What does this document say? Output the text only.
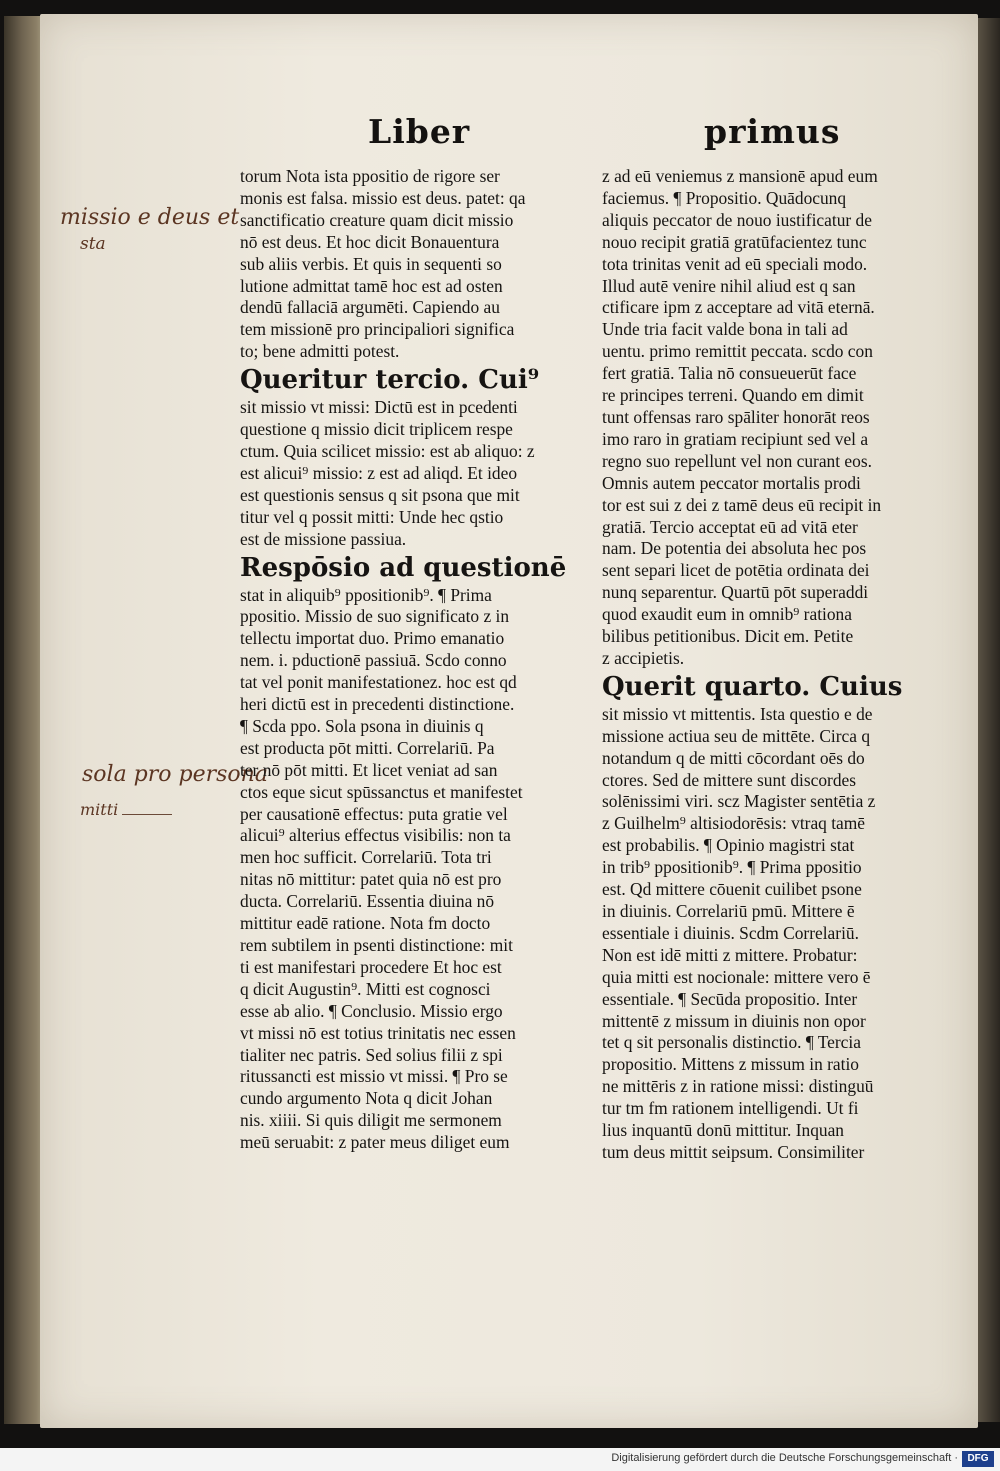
Liber	primus
missio e deus et
sta
sola pro persona
mitti
torum Nota ista ppositio de rigore ser
monis est falsa. missio est deus. patet: qa
sanctificatio creature quam dicit missio
nō est deus. Et hoc dicit Bonauentura
sub aliis verbis. Et quis in sequenti so
lutione admittat tamē hoc est ad osten
dendū fallaciā argumēti. Capiendo au
tem missionē pro principaliori significa
to; bene admitti potest.
Queritur tercio. Cui⁹
sit missio vt missi: Dictū est in pcedenti
questione q missio dicit triplicem respe
ctum. Quia scilicet missio: est ab aliquo: z
est alicui⁹ missio: z est ad aliqd. Et ideo
est questionis sensus q sit psona que mit
titur vel q possit mitti: Unde hec qstio
est de missione passiua.
Respōsio ad questionē
stat in aliquib⁹ ppositionib⁹. ¶ Prima
ppositio. Missio de suo significato z in
tellectu importat duo. Primo emanatio
nem. i. pductionē passiuā. Scdo conno
tat vel ponit manifestationez. hoc est qd
heri dictū est in precedenti distinctione.
¶ Scda ppo. Sola psona in diuinis q
est producta pōt mitti. Correlariū. Pa
ter nō pōt mitti. Et licet veniat ad san
ctos eque sicut spūssanctus et manifestet
per causationē effectus: puta gratie vel
alicui⁹ alterius effectus visibilis: non ta
men hoc sufficit. Correlariū. Tota tri
nitas nō mittitur: patet quia nō est pro
ducta. Correlariū. Essentia diuina nō
mittitur eadē ratione. Nota fm docto
rem subtilem in psenti distinctione: mit
ti est manifestari procedere Et hoc est
q dicit Augustin⁹. Mitti est cognosci
esse ab alio. ¶ Conclusio. Missio ergo
vt missi nō est totius trinitatis nec essen
tialiter nec patris. Sed solius filii z spi
ritussancti est missio vt missi. ¶ Pro se
cundo argumento Nota q dicit Johan
nis. xiiii. Si quis diligit me sermonem
meū seruabit: z pater meus diliget eum
z ad eū veniemus z mansionē apud eum
faciemus. ¶ Propositio. Quādocunq
aliquis peccator de nouo iustificatur de
nouo recipit gratiā gratūfacientez tunc
tota trinitas venit ad eū speciali modo.
Illud autē venire nihil aliud est q san
ctificare ipm z acceptare ad vitā eternā.
Unde tria facit valde bona in tali ad
uentu. primo remittit peccata. scdo con
fert gratiā. Talia nō consueuerūt face
re principes terreni. Quando em dimit
tunt offensas raro spāliter honorāt reos
imo raro in gratiam recipiunt sed vel a
regno suo repellunt vel non curant eos.
Omnis autem peccator mortalis prodi
tor est sui z dei z tamē deus eū recipit in
gratiā. Tercio acceptat eū ad vitā eter
nam. De potentia dei absoluta hec pos
sent separi licet de potētia ordinata dei
nunq separentur. Quartū pōt superaddi
quod exaudit eum in omnib⁹ rationa
bilibus petitionibus. Dicit em. Petite
z accipietis.
Querit quarto. Cuius
sit missio vt mittentis. Ista questio e de
missione actiua seu de mittēte. Circa q
notandum q de mitti cōcordant oēs do
ctores. Sed de mittere sunt discordes
solēnissimi viri. scz Magister sentētia z
z Guilhelm⁹ altisiodorēsis: vtraq tamē
est probabilis. ¶ Opinio magistri stat
in trib⁹ ppositionib⁹. ¶ Prima ppositio
est. Qd mittere cōuenit cuilibet psone
in diuinis. Correlariū pmū. Mittere ē
essentiale i diuinis. Scdm Correlariū.
Non est idē mitti z mittere. Probatur:
quia mitti est nocionale: mittere vero ē
essentiale. ¶ Secūda propositio. Inter
mittentē z missum in diuinis non opor
tet q sit personalis distinctio. ¶ Tercia
propositio. Mittens z missum in ratio
ne mittēris z in ratione missi: distinguū
tur tm fm rationem intelligendi. Ut fi
lius inquantū donū mittitur. Inquan
tum deus mittit seipsum. Consimiliter
Digitalisierung gefördert durch die Deutsche Forschungsgemeinschaft · DFG
